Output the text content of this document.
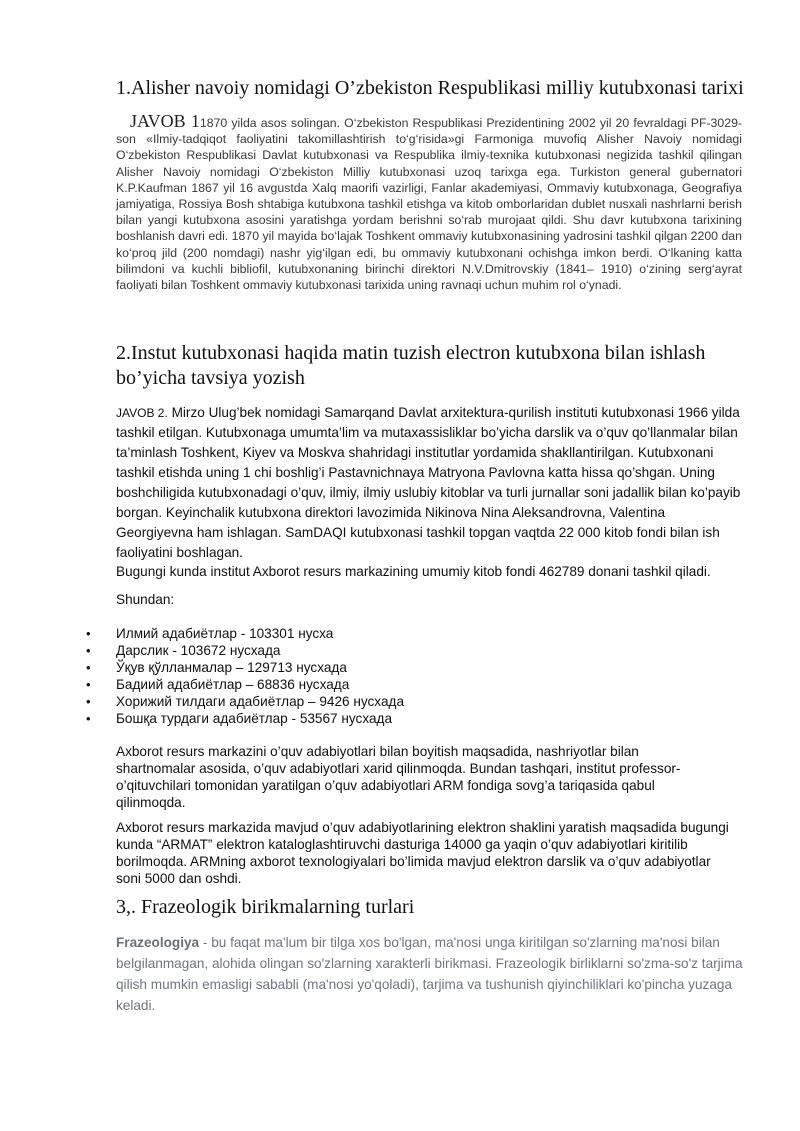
1.Alisher navoiy nomidagi O’zbekiston Respublikasi milliy kutubxonasi tarixi

JAVOB 11870 yilda asos solingan. O‘zbekiston Respublikasi Prezidentining 2002 yil 20 fevraldagi PF-3029-son «Ilmiy-tadqiqot faoliyatini takomillashtirish to‘g‘risida»gi Farmoniga muvofiq Alisher Navoiy nomidagi O‘zbekiston Respublikasi Davlat kutubxonasi va Respublika ilmiy-texnika kutubxonasi negizida tashkil qilingan Alisher Navoiy nomidagi O‘zbekiston Milliy kutubxonasi uzoq tarixga ega. Turkiston general gubernatori K.P.Kaufman 1867 yil 16 avgustda Xalq maorifi vazirligi, Fanlar akademiyasi, Ommaviy kutubxonaga, Geografiya jamiyatiga, Rossiya Bosh shtabiga kutubxona tashkil etishga va kitob omborlaridan dublet nusxali nashrlarni berish bilan yangi kutubxona asosini yaratishga yordam berishni so‘rab murojaat qildi. Shu davr kutubxona tarixining boshlanish davri edi. 1870 yil mayida bo‘lajak Toshkent ommaviy kutubxonasining yadrosini tashkil qilgan 2200 dan ko‘proq jild (200 nomdagi) nashr yig‘ilgan edi, bu ommaviy kutubxonani ochishga imkon berdi. O‘lkaning katta bilimdoni va kuchli bibliofil, kutubxonaning birinchi direktori N.V.Dmitrovskiy (1841– 1910) o‘zining serg‘ayrat faoliyati bilan Toshkent ommaviy kutubxonasi tarixida uning ravnaqi uchun muhim rol o‘ynadi.

2.Instut kutubxonasi haqida matin tuzish electron kutubxona bilan ishlash bo’yicha tavsiya yozish

JAVOB 2. Mirzo Ulug’bek nomidagi Samarqand Davlat arxitektura-qurilish instituti kutubxonasi 1966 yilda tashkil etilgan. Kutubxonaga umumta’lim va mutaxassisliklar bo’yicha darslik va o’quv qo’llanmalar bilan ta’minlash Toshkent, Kiyev va Moskva shahridagi institutlar yordamida shakllantirilgan. Kutubxonani tashkil etishda uning 1 chi boshlig’i Pastavnichnaya Matryona Pavlovna katta hissa qo’shgan. Uning boshchiligida kutubxonadagi o’quv, ilmiy, ilmiy uslubiy kitoblar va turli jurnallar soni jadallik bilan ko’payib borgan. Keyinchalik kutubxona direktori lavozimida Nikinova Nina Aleksandrovna, Valentina Georgiyevna ham ishlagan. SamDAQI kutubxonasi tashkil topgan vaqtda 22 000 kitob fondi bilan ish faoliyatini boshlagan.

Bugungi kunda institut Axborot resurs markazining umumiy kitob fondi 462789 donani tashkil qiladi.

Shundan:

• Илмий адабиётлар - 103301 нусха
• Дарслик - 103672 нусхада
• Ўқув қўлланмалар – 129713 нусхада
• Бадиий адабиётлар – 68836 нусхада
• Хорижий тилдаги адабиётлар – 9426 нусхада
• Бошқа турдаги адабиётлар - 53567 нусхада

Axborot resurs markazini o’quv adabiyotlari bilan boyitish maqsadida, nashriyotlar bilan shartnomalar asosida, o’quv adabiyotlari xarid qilinmoqda. Bundan tashqari, institut professor-o’qituvchilari tomonidan yaratilgan o’quv adabiyotlari ARM fondiga sovg’a tariqasida qabul qilinmoqda.

Axborot resurs markazida mavjud o’quv adabiyotlarining elektron shaklini yaratish maqsadida bugungi kunda “ARMAT” elektron kataloglashtiruvchi dasturiga 14000 ga yaqin o’quv adabiyotlari kiritilib borilmoqda. ARMning axborot texnologiyalari bo’limida mavjud elektron darslik va o’quv adabiyotlar soni 5000 dan oshdi.

3,. Frazeologik birikmalarning turlari

Frazeologiya - bu faqat ma'lum bir tilga xos bo'lgan, ma'nosi unga kiritilgan so'zlarning ma'nosi bilan belgilanmagan, alohida olingan so'zlarning xarakterli birikmasi. Frazeologik birliklarni so'zma-so'z tarjima qilish mumkin emasligi sababli (ma'nosi yo'qoladi), tarjima va tushunish qiyinchiliklari ko'pincha yuzaga keladi.
